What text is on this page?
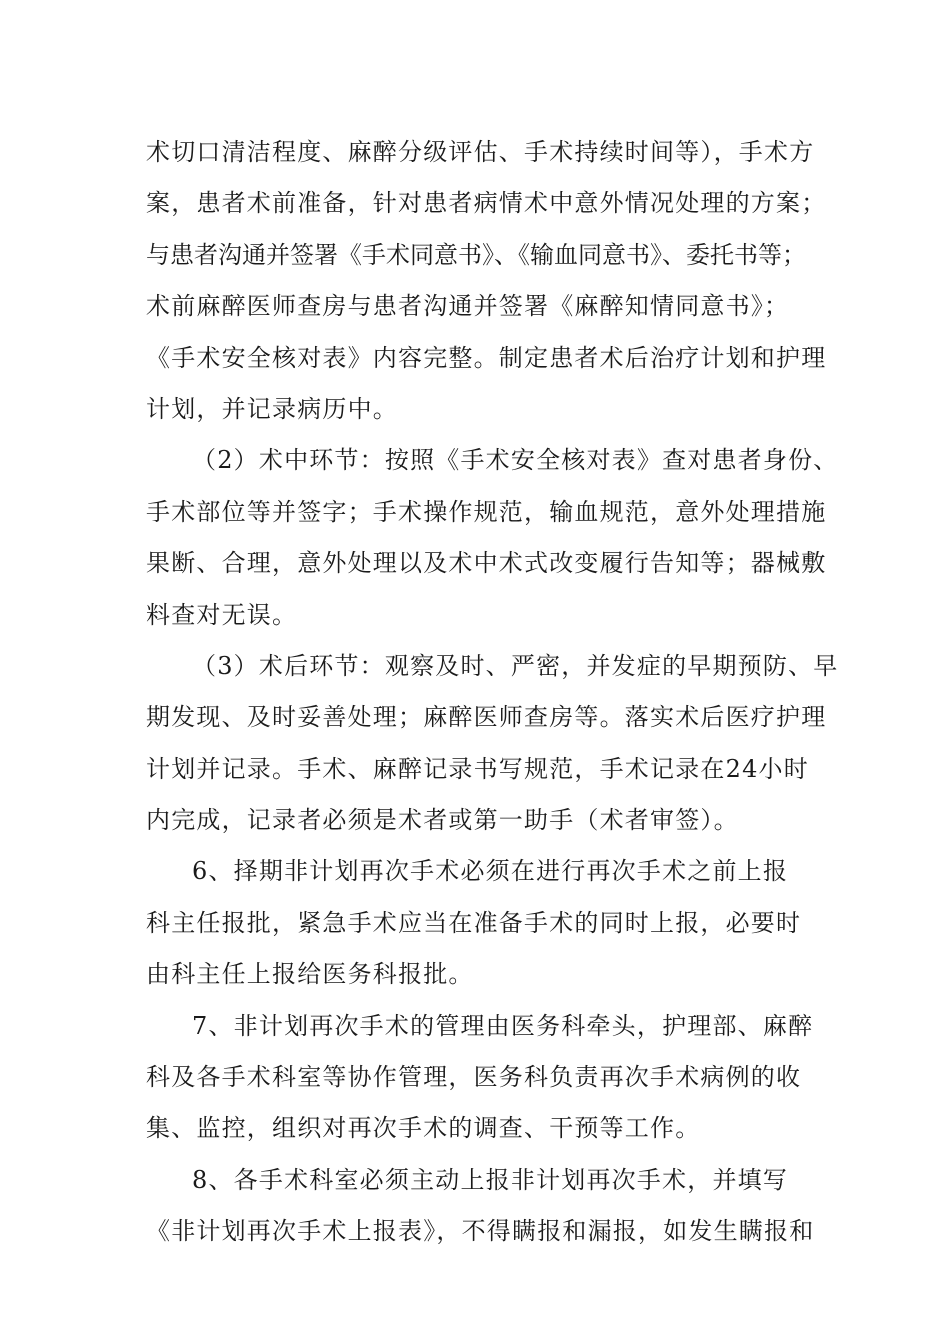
术切口清洁程度、麻醉分级评估、手术持续时间等），手术方
案，患者术前准备，针对患者病情术中意外情况处理的方案；
与患者沟通并签署《手术同意书》、《输血同意书》、委托书等；
术前麻醉医师查房与患者沟通并签署《麻醉知情同意书》；
《手术安全核对表》内容完整。制定患者术后治疗计划和护理
计划，并记录病历中。
（2）术中环节：按照《手术安全核对表》查对患者身份、
手术部位等并签字；手术操作规范，输血规范，意外处理措施
果断、合理，意外处理以及术中术式改变履行告知等；器械敷
料查对无误。
（3）术后环节：观察及时、严密，并发症的早期预防、早
期发现、及时妥善处理；麻醉医师查房等。落实术后医疗护理
计划并记录。手术、麻醉记录书写规范，手术记录在24小时
内完成，记录者必须是术者或第一助手（术者审签）。
6、择期非计划再次手术必须在进行再次手术之前上报
科主任报批，紧急手术应当在准备手术的同时上报，必要时
由科主任上报给医务科报批。
7、非计划再次手术的管理由医务科牵头，护理部、麻醉
科及各手术科室等协作管理，医务科负责再次手术病例的收
集、监控，组织对再次手术的调查、干预等工作。
8、各手术科室必须主动上报非计划再次手术，并填写
《非计划再次手术上报表》，不得瞒报和漏报，如发生瞒报和
